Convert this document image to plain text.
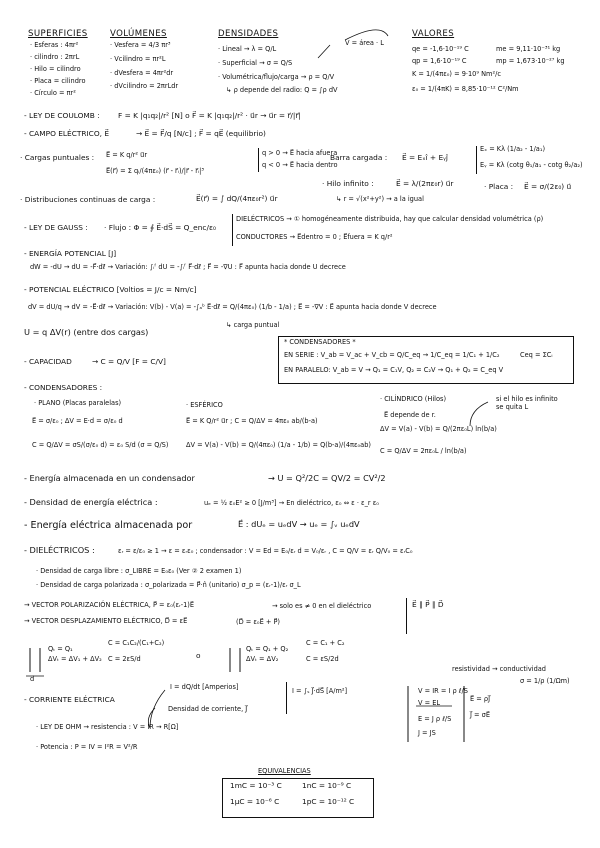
SUPERFICIES
· Esferas : 4πr²
· cilindro : 2πrL
· Hilo = cilindro
· Placa = cilindro
· Círculo = πr²
VOLÚMENES
· Vesfera = 4/3 πr³
· Vcilindro = πr²L
· dVesfera = 4πr²dr
· dVcilindro = 2πrLdr
DENSIDADES
V = área · L
· Lineal → λ = Q/L
· Superficial → σ = Q/S
· Volumétrica/flujo/carga → ρ = Q/V
↳ ρ depende del radio: Q = ∫ρ dV
VALORES
qe = -1,6·10⁻¹⁹ C
qp = 1,6·10⁻¹⁹ C
K = 1/(4πε₀) = 9·10⁹ Nm²/c
ε₀ = 1/(4πK) = 8,85·10⁻¹² C²/Nm
me = 9,11·10⁻³¹ kg
mp = 1,673·10⁻²⁷ kg
- LEY DE COULOMB : F = K |q₁q₂|/r² [N] o F⃗ = K |q₁q₂|/r² · u⃗r → u⃗r = r⃗/|r⃗|
- CAMPO ELÉCTRICO, E⃗	→ E⃗ = F⃗/q [N/c] ; F⃗ = qE⃗ (equilibrio)
· Cargas puntuales : E⃗ = K q/r² u⃗r
E⃗(r⃗) = Σ qᵢ/(4πε₀) (r⃗ - r⃗ᵢ)/|r⃗ - r⃗ᵢ|³
q > 0 → E⃗ hacia afuera
q < 0 → E⃗ hacia dentro
Barra cargada : E⃗ = Eₓî + Eᵧĵ
Eₓ = Kλ (1/a₂ - 1/a₁)
Eᵧ = Kλ (cotg θ₁/a₁ - cotg θ₂/a₂)
· Hilo infinito :	E⃗ = λ/(2πε₀r) u⃗r
↳ r = √(x²+y²) → a la igual
· Placa : E⃗ = σ/(2ε₀) u⃗
· Distribuciones continuas de carga :	E⃗(r⃗) = ∫ dQ/(4πε₀r²) u⃗r
- LEY DE GAUSS : · Flujo : Φ = ∮ E⃗·dS⃗ = Q_enc/ε₀
DIELÉCTRICOS → ① homogéneamente distribuida, hay que calcular densidad volumétrica (ρ)
CONDUCTORES → E⃗dentro = 0 ; E⃗fuera = K q/r²
- ENERGÍA POTENCIAL [J]
dW = -dU → dU = -F⃗·dℓ⃗ → Variación: ∫ᵢᶠ dU = -∫ᵢᶠ F⃗·dℓ⃗ ; F⃗ = -∇U : F⃗ apunta hacia donde U decrece
- POTENCIAL ELÉCTRICO [Voltios = J/c = Nm/c]
dV = dU/q → dV = -E⃗·dℓ⃗ → Variación: V(b) - V(a) = -∫ₐᵇ E⃗·dℓ⃗ = Q/(4πε₀) (1/b - 1/a) ; E⃗ = -∇V : E⃗ apunta hacia donde V decrece
U = q ΔV(r) (entre dos cargas)
↳ carga puntual
* CONDENSADORES *
EN SERIE : V_ab = V_ac + V_cb = Q/C_eq → 1/C_eq = 1/C₁ + 1/C₂
EN PARALELO: V_ab = V → Q₁ = C₁V, Q₂ = C₂V → Q₁ + Q₂ = C_eq V
Ceq = ΣCᵢ
- CAPACIDAD	→ C = Q/V [F = C/V]
- CONDENSADORES :
· PLANO (Placas paralelas)
E⃗ = σ/ε₀ ; ΔV = E·d = σ/ε₀ d
C = Q/ΔV = σS/(σ/ε₀ d) = ε₀ S/d (σ = Q/S)
· ESFÉRICO
E⃗ = K Q/r² u⃗r ; C = Q/ΔV = 4πε₀ ab/(b-a)
ΔV = V(a) - V(b) = Q/(4πε₀) (1/a - 1/b) = Q(b-a)/(4πε₀ab)
· CILÍNDRICO (Hilos)
E⃗ depende de r.
ΔV = V(a) - V(b) = Q/(2πε₀L) ln(b/a)
C = Q/ΔV = 2πε₀L / ln(b/a)
si el hilo es infinito se quita L
- Energía almacenada en un condensador	→ U = Q²/2C = QV/2 = CV²/2
- Densidad de energía eléctrica :	uₑ = ½ ε₀E² ≥ 0 [J/m³] → En dieléctrico, ε₀ ⇔ ε · ε_r ε₀
- Energía eléctrica almacenada por	E⃗ : dUₑ = uₑdV → uₑ = ∫ᵥ uₑdV
- DIELÉCTRICOS :	εᵣ = ε/ε₀ ≥ 1 → ε = εᵣε₀ ; condensador : V = Ed = E₀/εᵣ d = V₀/εᵣ , C = Q/V = εᵣ Q/V₀ = εᵣC₀
· Densidad de carga libre : σ_LIBRE = E₀ε₀ (Ver ② 2 examen 1)
· Densidad de carga polarizada : σ_polarizada = P⃗·n̂ (unitario) σ_p = (εᵣ-1)/εᵣ σ_L
→ VECTOR POLARIZACIÓN ELÉCTRICA, P⃗ = ε₀(εᵣ-1)E⃗	→ solo es ≠ 0 en el dieléctrico	E⃗ ∥ P⃗ ∥ D⃗
→ VECTOR DESPLAZAMIENTO ELÉCTRICO, D⃗ = εE⃗	(D⃗ = ε₀E⃗ + P⃗)
d
Qₜ = Q₁
ΔVₜ = ΔV₁ + ΔV₂
C = C₁C₂/(C₁+C₂)
C = 2εS/d	o
Qₜ = Q₁ + Q₂
ΔVₜ = ΔV₂
C = C₁ + C₂
C = εS/2d
- CORRIENTE ELÉCTRICA
I = dQ/dt [Amperios]
Densidad de corriente, J⃗
I = ∫ₛ J⃗·dS⃗ [A/m²]	V = IR = I ρ ℓ/S
V = EL
E = J ρ ℓ/S
J = JS
resistividad → conductividad
σ = 1/ρ (1/Ωm)
E⃗ = ρJ⃗
J⃗ = σE⃗
· LEY DE OHM → resistencia : V = IR → R[Ω]
· Potencia : P = IV = I²R = V²/R
EQUIVALENCIAS
1mC = 10⁻³ C	1nC = 10⁻⁹ C
1μC = 10⁻⁶ C	1pC = 10⁻¹² C
